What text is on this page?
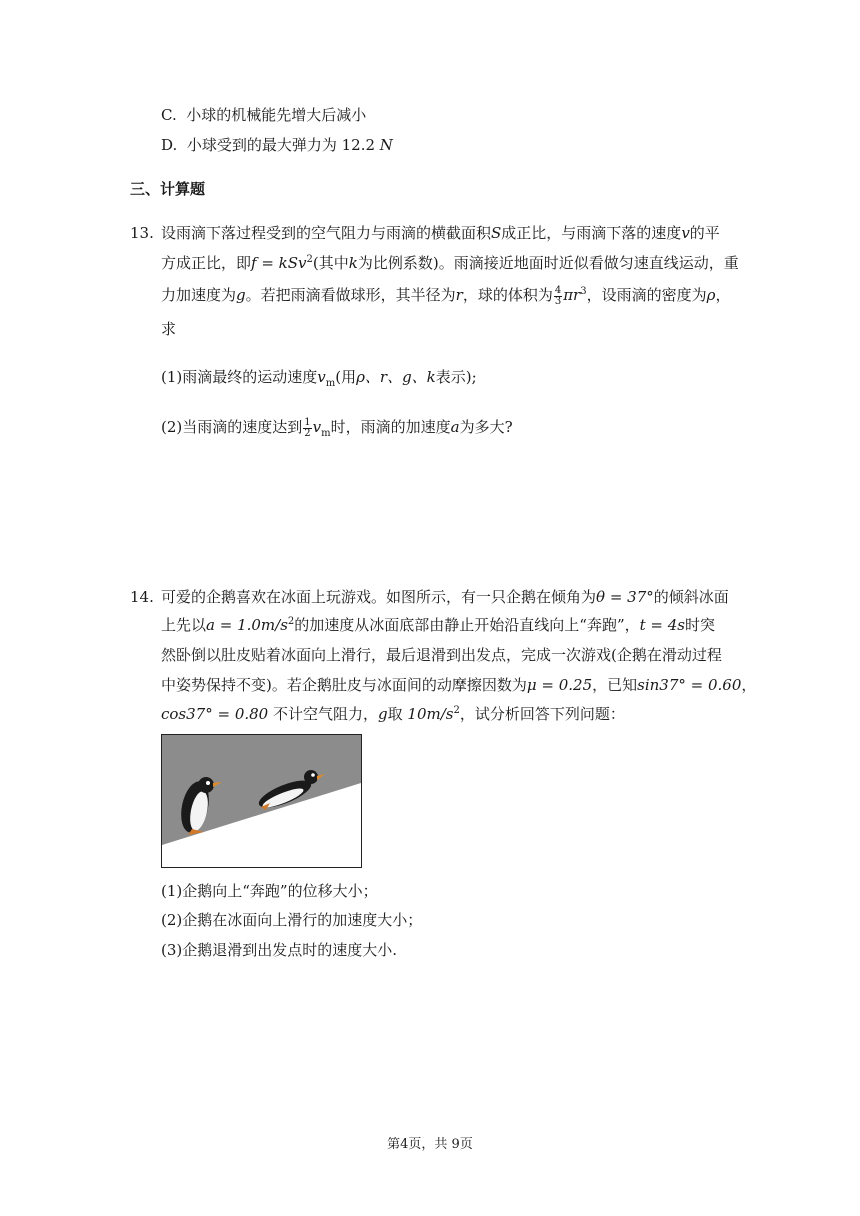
C. 小球的机械能先增大后减小
D. 小球受到的最大弹力为 12.2 N
三、计算题
13. 设雨滴下落过程受到的空气阻力与雨滴的横截面积S成正比，与雨滴下落的速度v的平
方成正比，即f = kSv$^2$(其中k为比例系数)。雨滴接近地面时近似看做匀速直线运动，重
力加速度为g。若把雨滴看做球形，其半径为r，球的体积为 $\frac{4}{3} \pi r^3$，设雨滴的密度为ρ，
求
(1)雨滴最终的运动速度$v_m$(用ρ、r、g、k表示);
(2)当雨滴的速度达到 $\frac{1}{2} v_m$时，雨滴的加速度a为多大?
14. 可爱的企鹅喜欢在冰面上玩游戏。如图所示，有一只企鹅在倾角为θ = 37°的倾斜冰面
上先以$a = 1.0m/s^2$的加速度从冰面底部由静止开始沿直线向上“奔跑”，t = 4s时突
然卧倒以肚皮贴着冰面向上滑行，最后退滑到出发点，完成一次游戏(企鹅在滑动过程
中姿势保持不变)。若企鹅肚皮与冰面间的动摩擦因数为μ = 0.25，已知sin37° = 0.60，
cos37° = 0.80 不计空气阻力，g取 $10m/s^2$，试分析回答下列问题：
(1)企鹅向上“奔跑”的位移大小；
(2)企鹅在冰面向上滑行的加速度大小；
(3)企鹅退滑到出发点时的速度大小.
第4页，共 9页
